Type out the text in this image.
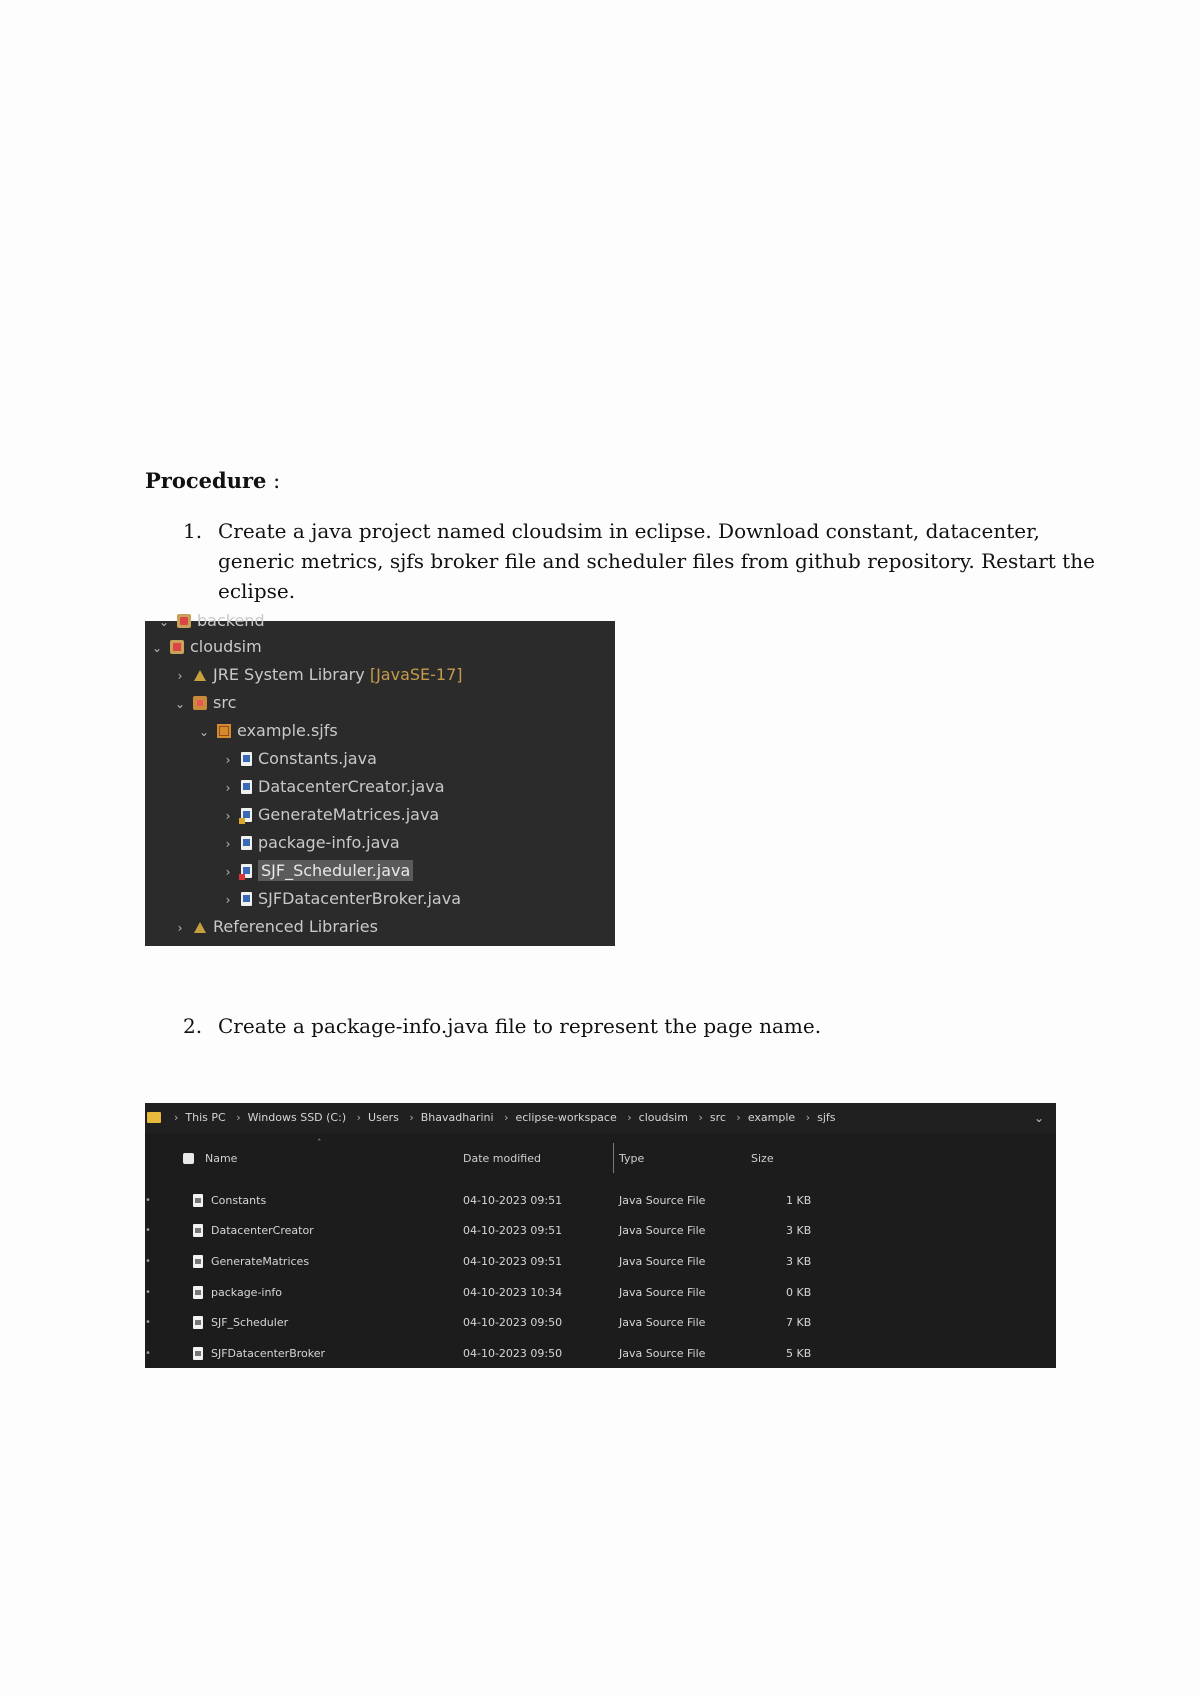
Procedure :
1. Create a java project named cloudsim in eclipse. Download constant, datacenter, generic metrics, sjfs broker file and scheduler files from github repository. Restart the eclipse.
⌄ backend
⌄ cloudsim
› JRE System Library [JavaSE-17]
⌄ src
⌄ example.sjfs
› Constants.java
› DatacenterCreator.java
› GenerateMatrices.java
› package-info.java
› SJF_Scheduler.java
› SJFDatacenterBroker.java
› Referenced Libraries
2. Create a package-info.java file to represent the page name.
› This PC › Windows SSD (C:) › Users › Bhavadharini › eclipse-workspace › cloudsim › src › example › sjfs	⌄
ˆ
Name	Date modified	Type	Size
•	Constants	04-10-2023 09:51	Java Source File	1 KB
•	DatacenterCreator	04-10-2023 09:51	Java Source File	3 KB
•	GenerateMatrices	04-10-2023 09:51	Java Source File	3 KB
•	package-info	04-10-2023 10:34	Java Source File	0 KB
•	SJF_Scheduler	04-10-2023 09:50	Java Source File	7 KB
•	SJFDatacenterBroker	04-10-2023 09:50	Java Source File	5 KB
